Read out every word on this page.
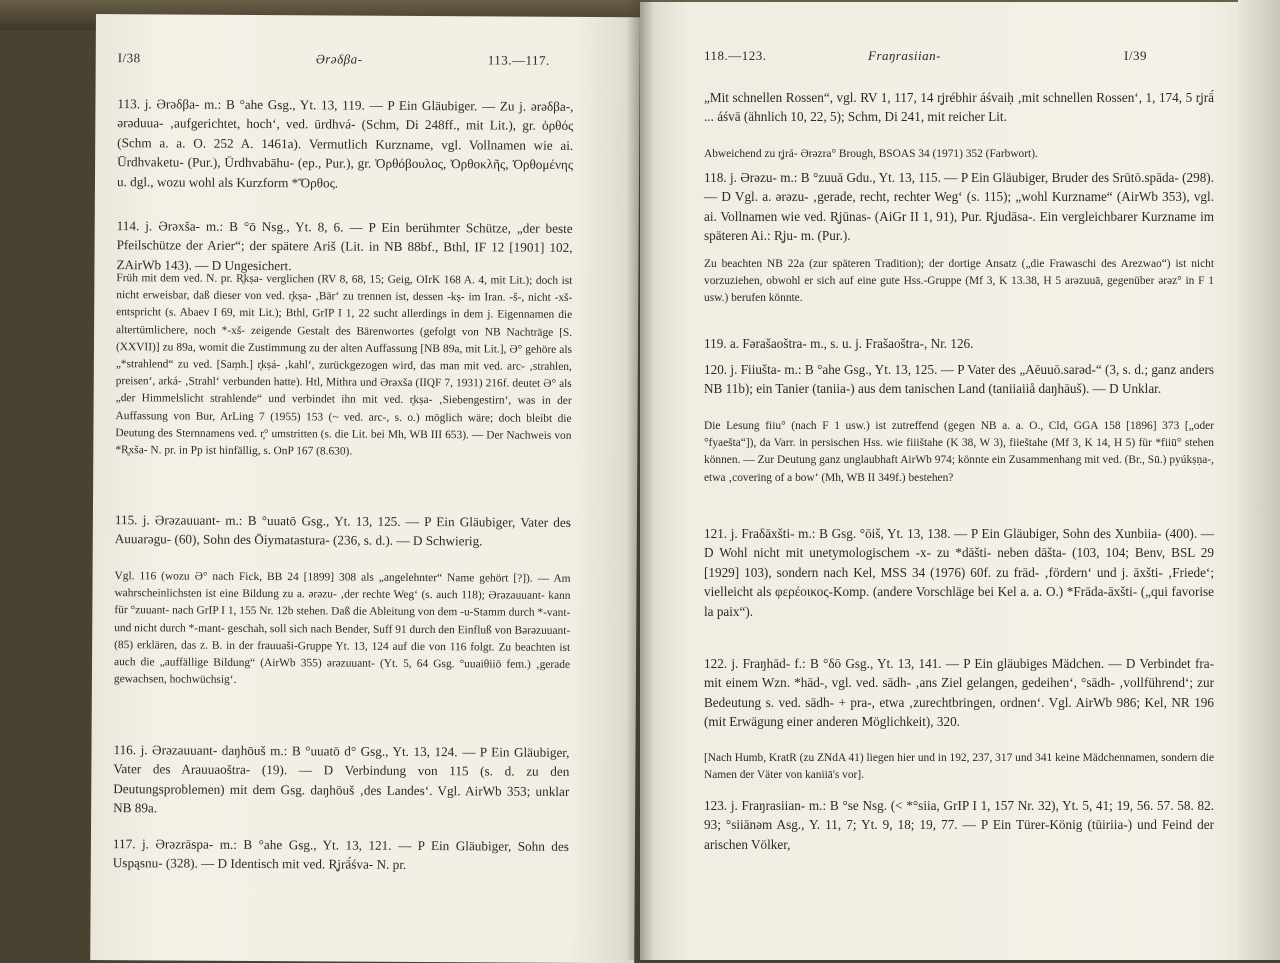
I/38	Ərəδβa-	113.—117.

113. j. Ərəδβa- m.: B °ahe Gsg., Yt. 13, 119. — P Ein Gläubiger. — Zu j. ərəδβa-, ərəduua- ‚aufgerichtet, hoch‘, ved. ūrdhvá- (Schm, Di 248ff., mit Lit.), gr. ὀρθός (Schm a. a. O. 252 A. 1461a). Vermutlich Kurzname, vgl. Vollnamen wie ai. Ūrdhvaketu- (Pur.), Ūrdhvabāhu- (ep., Pur.), gr. Ὀρθόβουλος, Ὀρθοκλῆς, Ὀρθομένης u. dgl., wozu wohl als Kurzform *Ὄρθος.

114. j. Ərəxša- m.: B °ō Nsg., Yt. 8, 6. — P Ein berühmter Schütze, „der beste Pfeilschütze der Arier“; der spätere Ariš (Lit. in NB 88bf., Bthl, IF 12 [1901] 102, ZAirWb 143). — D Ungesichert.

Früh mit dem ved. N. pr. R̥kṣa- verglichen (RV 8, 68, 15; Geig, OIrK 168 A. 4, mit Lit.); doch ist nicht erweisbar, daß dieser von ved. r̥kṣa- ‚Bär‘ zu trennen ist, dessen -kṣ- im Iran. -š-, nicht -xš- entspricht (s. Abaev I 69, mit Lit.); Bthl, GrIP I 1, 22 sucht allerdings in dem j. Eigennamen die altertümlichere, noch *-xš- zeigende Gestalt des Bärenwortes (gefolgt von NB Nachträge [S. (XXVII)] zu 89a, womit die Zustimmung zu der alten Auffassung [NB 89a, mit Lit.], Ə° gehöre als „*strahlend“ zu ved. [Saṃh.] r̥kṣá- ‚kahl‘, zurückgezogen wird, das man mit ved. arc- ‚strahlen, preisen‘, arká- ‚Strahl‘ verbunden hatte). Htl, Mithra und Ərəxša (IIQF 7, 1931) 216f. deutet Ə° als „der Himmelslicht strahlende“ und verbindet ihn mit ved. r̥kṣa- ‚Siebengestirn‘, was in der Auffassung von Bur, ArLing 7 (1955) 153 (~ ved. arc-, s. o.) möglich wäre; doch bleibt die Deutung des Sternnamens ved. r̥° umstritten (s. die Lit. bei Mh, WB III 653). — Der Nachweis von *R̥xša- N. pr. in Pp ist hinfällig, s. OnP 167 (8.630).

115. j. Ərəzauuant- m.: B °uuatō Gsg., Yt. 13, 125. — P Ein Gläubiger, Vater des Auuarəgu- (60), Sohn des Ōiymatastura- (236, s. d.). — D Schwierig.

Vgl. 116 (wozu Ə° nach Fick, BB 24 [1899] 308 als „angelehnter“ Name gehört [?]). — Am wahrscheinlichsten ist eine Bildung zu a. ərəzu- ‚der rechte Weg‘ (s. auch 118); Ərəzauuant- kann für °zuuant- nach GrIP I 1, 155 Nr. 12b stehen. Daß die Ableitung von dem -u-Stamm durch *-vant- und nicht durch *-mant- geschah, soll sich nach Bender, Suff 91 durch den Einfluß von Bərəzuuant- (85) erklären, das z. B. in der frauuaši-Gruppe Yt. 13, 124 auf die von 116 folgt. Zu beachten ist auch die „auffällige Bildung“ (AirWb 355) ərəzuuant- (Yt. 5, 64 Gsg. °uuaiθiiō fem.) ‚gerade gewachsen, hochwüchsig‘.

116. j. Ərəzauuant- daŋhōuš m.: B °uuatō d° Gsg., Yt. 13, 124. — P Ein Gläubiger, Vater des Arauuaoštra- (19). — D Verbindung von 115 (s. d. zu den Deutungsproblemen) mit dem Gsg. daŋhōuš ‚des Landes‘. Vgl. AirWb 353; unklar NB 89a.

117. j. Ərəzrāspa- m.: B °ahe Gsg., Yt. 13, 121. — P Ein Gläubiger, Sohn des Uspąsnu- (328). — D Identisch mit ved. R̥jrā́śva- N. pr.

118.—123.	Fraŋrasiian-	I/39

„Mit schnellen Rossen“, vgl. RV 1, 117, 14 r̥jrébhir áśvaiḥ ‚mit schnellen Rossen‘, 1, 174, 5 r̥jrā́ ... áśvā (ähnlich 10, 22, 5); Schm, Di 241, mit reicher Lit.

Abweichend zu r̥jrá- Ərəzra° Brough, BSOAS 34 (1971) 352 (Farbwort).

118. j. Ərəzu- m.: B °zuuā Gdu., Yt. 13, 115. — P Ein Gläubiger, Bruder des Srūtō.spāda- (298). — D Vgl. a. ərəzu- ‚gerade, recht, rechter Weg‘ (s. 115); „wohl Kurzname“ (AirWb 353), vgl. ai. Vollnamen wie ved. R̥jūnas- (AiGr II 1, 91), Pur. R̥judāsa-. Ein vergleichbarer Kurzname im späteren Ai.: R̥ju- m. (Pur.).

Zu beachten NB 22a (zur späteren Tradition); der dortige Ansatz („die Frawaschi des Arezwao“) ist nicht vorzuziehen, obwohl er sich auf eine gute Hss.-Gruppe (Mf 3, K 13.38, H 5 arəzuuā, gegenüber ərəz° in F 1 usw.) berufen könnte.

119. a. Fərašaoštra- m., s. u. j. Frašaoštra-, Nr. 126.

120. j. Fiiušta- m.: B °ahe Gsg., Yt. 13, 125. — P Vater des „Aēuuō.sarəd-“ (3, s. d.; ganz anders NB 11b); ein Tanier (taniia-) aus dem tanischen Land (taniiaiiå daŋhāuš). — D Unklar.

Die Lesung fiiu° (nach F 1 usw.) ist zutreffend (gegen NB a. a. O., Cld, GGA 158 [1896] 373 [„oder °fyaešta“]), da Varr. in persischen Hss. wie fiiištahe (K 38, W 3), fiieštahe (Mf 3, K 14, H 5) für *fiiū° stehen können. — Zur Deutung ganz unglaubhaft AirWb 974; könnte ein Zusammenhang mit ved. (Br., Sū.) pyúkṣṇa-, etwa ‚covering of a bow‘ (Mh, WB II 349f.) bestehen?

121. j. Fraδāxšti- m.: B Gsg. °ōiš, Yt. 13, 138. — P Ein Gläubiger, Sohn des Xunbiia- (400). — D Wohl nicht mit unetymologischem -x- zu *dāšti- neben dāšta- (103, 104; Benv, BSL 29 [1929] 103), sondern nach Kel, MSS 34 (1976) 60f. zu frād- ‚fördern‘ und j. āxšti- ‚Friede‘; vielleicht als φερέοικος-Komp. (andere Vorschläge bei Kel a. a. O.) *Frāda-āxšti- („qui favorise la paix“).

122. j. Fraŋhād- f.: B °δō Gsg., Yt. 13, 141. — P Ein gläubiges Mädchen. — D Verbindet fra- mit einem Wzn. *hād-, vgl. ved. sādh- ‚ans Ziel gelangen, gedeihen‘, °sādh- ‚vollführend‘; zur Bedeutung s. ved. sādh- + pra-, etwa ‚zurechtbringen, ordnen‘. Vgl. AirWb 986; Kel, NR 196 (mit Erwägung einer anderen Möglichkeit), 320.

[Nach Humb, KratR (zu ZNdA 41) liegen hier und in 192, 237, 317 und 341 keine Mädchennamen, sondern die Namen der Väter von kaniiā's vor].

123. j. Fraŋrasiian- m.: B °se Nsg. (< *°siia, GrIP I 1, 157 Nr. 32), Yt. 5, 41; 19, 56. 57. 58. 82. 93; °siiānəm Asg., Y. 11, 7; Yt. 9, 18; 19, 77. — P Ein Türer-König (tūiriia-) und Feind der arischen Völker,
